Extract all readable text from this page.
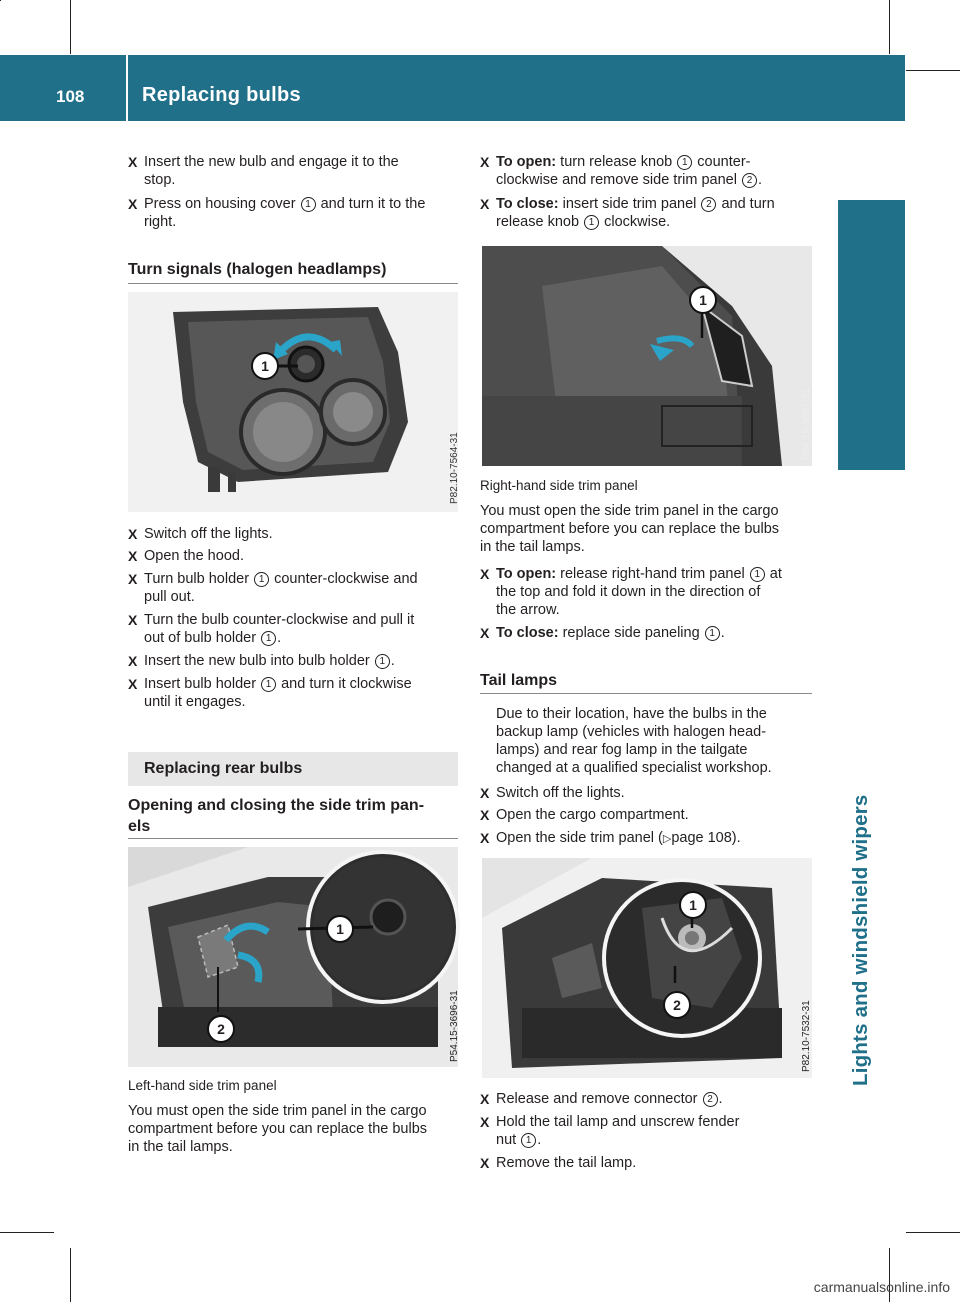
108	Replacing bulbs
Lights and windshield wipers
X Insert the new bulb and engage it to the
stop.
X Press on housing cover 1 and turn it to the
right.
Turn signals (halogen headlamps)
1
P82.10-7564-31
X Switch off the lights.
X Open the hood.
X Turn bulb holder 1 counter-clockwise and
pull out.
X Turn the bulb counter-clockwise and pull it
out of bulb holder 1 .
X Insert the new bulb into bulb holder 1 .
X Insert bulb holder 1 and turn it clockwise
until it engages.
Replacing rear bulbs
Opening and closing the side trim pan-
els
1
2	P54.15-3696-31
Left-hand side trim panel
You must open the side trim panel in the cargo
compartment before you can replace the bulbs
in the tail lamps.
X To open: turn release knob 1 counter-
clockwise and remove side trim panel 2 .
X To close: insert side trim panel 2 and turn
release knob 1 clockwise.
1
P54.15-3697-31
Right-hand side trim panel
You must open the side trim panel in the cargo
compartment before you can replace the bulbs
in the tail lamps.
X To open: release right-hand trim panel 1 at
the top and fold it down in the direction of
the arrow.
X To close: replace side paneling 1 .
Tail lamps
Due to their location, have the bulbs in the
backup lamp (vehicles with halogen head-
lamps) and rear fog lamp in the tailgate
changed at a qualified specialist workshop.
X Switch off the lights.
X Open the cargo compartment.
X Open the side trim panel (▷page 108).
1
2	P82.10-7532-31
X Release and remove connector 2 .
X Hold the tail lamp and unscrew fender
nut 1 .
X Remove the tail lamp.
carmanualsonline.info
